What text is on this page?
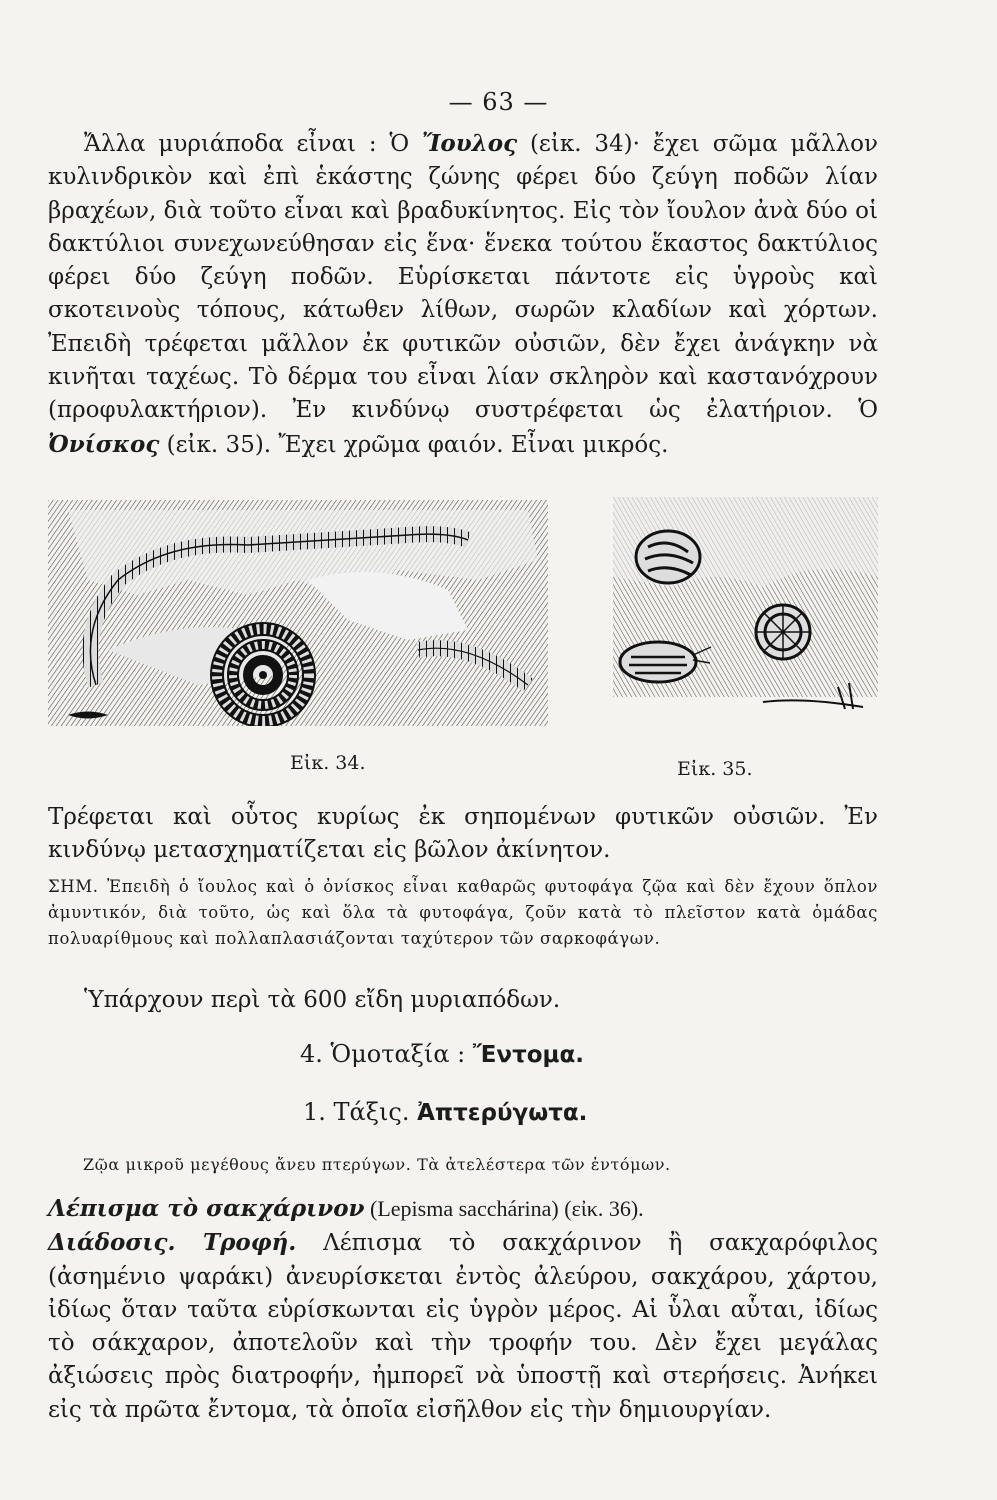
— 63 —
Ἄλλα μυριάποδα εἶναι : Ὁ Ἴουλος (εἰκ. 34)· ἔχει σῶμα μᾶλλον κυλινδρικὸν καὶ ἐπὶ ἑκάστης ζώνης φέρει δύο ζεύγη ποδῶν λίαν βραχέων, διὰ τοῦτο εἶναι καὶ βραδυκίνητος. Εἰς τὸν ἴουλον ἀνὰ δύο οἱ δακτύλιοι συνεχωνεύθησαν εἰς ἕνα· ἕνεκα τούτου ἕκαστος δακτύλιος φέρει δύο ζεύγη ποδῶν. Εὑρίσκεται πάντοτε εἰς ὑγροὺς καὶ σκοτεινοὺς τόπους, κάτωθεν λίθων, σωρῶν κλαδίων καὶ χόρτων. Ἐπειδὴ τρέφεται μᾶλλον ἐκ φυτικῶν οὐσιῶν, δὲν ἔχει ἀνάγκην νὰ κινῆται ταχέως. Τὸ δέρμα του εἶναι λίαν σκληρὸν καὶ καστανόχρουν (προφυλακτήριον). Ἐν κινδύνῳ συστρέφεται ὡς ἐλατήριον. Ὁ Ὀνίσκος (εἰκ. 35). Ἔχει χρῶμα φαιόν. Εἶναι μικρός.
Εἰκ. 34.	Εἰκ. 35.
Τρέφεται καὶ οὗτος κυρίως ἐκ σηπομένων φυτικῶν οὐσιῶν. Ἐν κινδύνῳ μετασχηματίζεται εἰς βῶλον ἀκίνητον.
ΣΗΜ. Ἐπειδὴ ὁ ἴουλος καὶ ὁ ὀνίσκος εἶναι καθαρῶς φυτοφάγα ζῷα καὶ δὲν ἔχουν ὅπλον ἀμυντικόν, διὰ τοῦτο, ὡς καὶ ὅλα τὰ φυτοφάγα, ζοῦν κατὰ τὸ πλεῖστον κατὰ ὁμάδας πολυαρίθμους καὶ πολλαπλασιάζονται ταχύτερον τῶν σαρκοφάγων.
Ὑπάρχουν περὶ τὰ 600 εἴδη μυριαπόδων.
4. Ὁμοταξία : Ἔντομα.
1. Τάξις. Ἀπτερύγωτα.
Ζῷα μικροῦ μεγέθους ἄνευ πτερύγων. Τὰ ἀτελέστερα τῶν ἐντόμων.
Λέπισμα τὸ σακχάρινον (Lepisma sacchárina) (εἰκ. 36).
Διάδοσις. Τροφή. Λέπισμα τὸ σακχάρινον ἢ σακχαρόφιλος (ἀσημένιο ψαράκι) ἀνευρίσκεται ἐντὸς ἀλεύρου, σακχάρου, χάρτου, ἰδίως ὅταν ταῦτα εὑρίσκωνται εἰς ὑγρὸν μέρος. Αἱ ὗλαι αὗται, ἰδίως τὸ σάκχαρον, ἀποτελοῦν καὶ τὴν τροφήν του. Δὲν ἔχει μεγάλας ἀξιώσεις πρὸς διατροφήν, ἠμπορεῖ νὰ ὑποστῇ καὶ στερήσεις. Ἀνήκει εἰς τὰ πρῶτα ἔντομα, τὰ ὁποῖα εἰσῆλθον εἰς τὴν δημιουργίαν.
